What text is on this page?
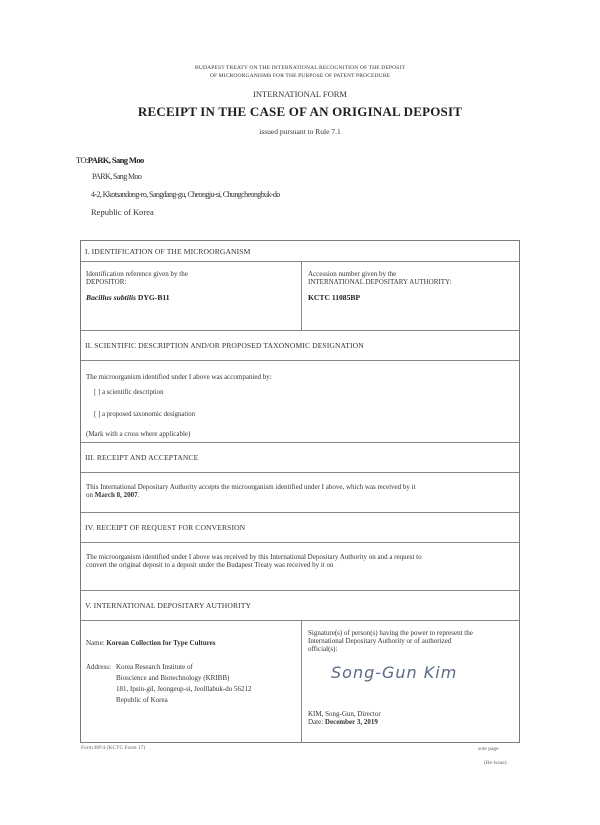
BUDAPEST TREATY ON THE INTERNATIONAL RECOGNITION OF THE DEPOSIT
OF MICROORGANISMS FOR THE PURPOSE OF PATENT PROCEDURE
INTERNATIONAL FORM
RECEIPT IN THE CASE OF AN ORIGINAL DEPOSIT
issued pursuant to Rule 7.1
TO:PARK, Sang Moo
PARK, Sang Moo
4-2, Kkotsandong-ro, Sangdang-gu, Cheongju-si, Chungcheongbuk-do
Republic of Korea
I. IDENTIFICATION OF THE MICROORGANISM
Identification reference given by the
DEPOSITOR:
Bacillus subtilis DYG-B11
Accession number given by the
INTERNATIONAL DEPOSITARY AUTHORITY:
KCTC 11085BP
II. SCIENTIFIC DESCRIPTION AND/OR PROPOSED TAXONOMIC DESIGNATION
The microorganism identified under I above was accompanied by:
[ ] a scientific description
[ ] a proposed taxonomic designation
(Mark with a cross where applicable)
III. RECEIPT AND ACCEPTANCE
This International Depositary Authority accepts the microorganism identified under I above, which was received by it
on March 8, 2007.
IV. RECEIPT OF REQUEST FOR CONVERSION
The microorganism identified under I above was received by this International Depositary Authority on and a request to
convert the original deposit to a deposit under the Budapest Treaty was received by it on
V. INTERNATIONAL DEPOSITARY AUTHORITY
Name: Korean Collection for Type Cultures
Address: Korea Research Institute of
Bioscience and Biotechnology (KRIBB)
181, Ipsin-gil, Jeongeup-si, Jeolllabuk-do 56212
Republic of Korea
Signature(s) of person(s) having the power to represent the
International Depositary Authority or of authorized
official(s):
Song-Gun Kim
KIM, Song-Gun, Director
Date: December 3, 2019
Form BP/4 (KCTC Form 17)	sole page
(Re-issue)
